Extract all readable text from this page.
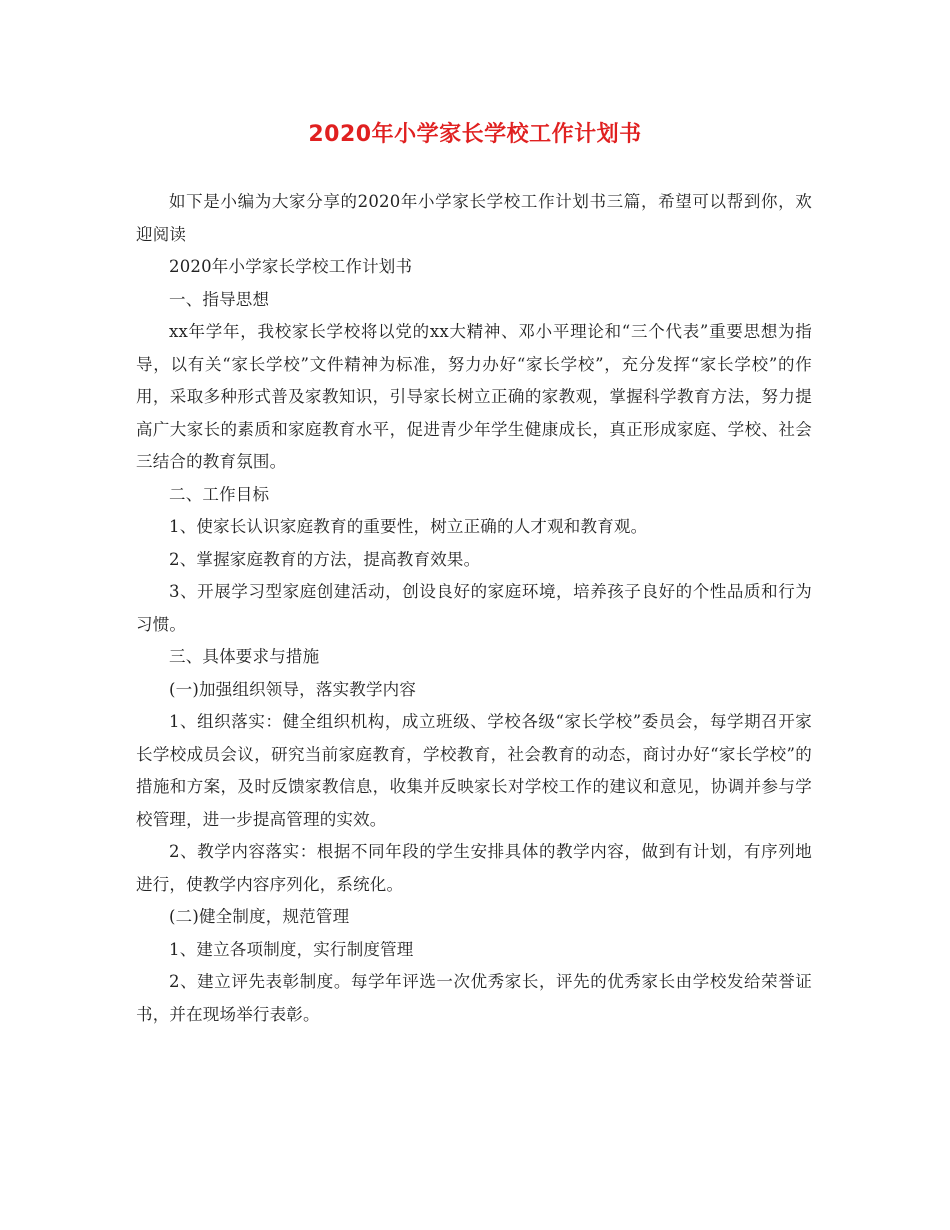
2020年小学家长学校工作计划书

如下是小编为大家分享的2020年小学家长学校工作计划书三篇，希望可以帮到你，欢迎阅读

2020年小学家长学校工作计划书

一、指导思想

xx年学年，我校家长学校将以党的xx大精神、邓小平理论和“三个代表”重要思想为指导，以有关“家长学校”文件精神为标准，努力办好“家长学校”，充分发挥“家长学校”的作用，采取多种形式普及家教知识，引导家长树立正确的家教观，掌握科学教育方法，努力提高广大家长的素质和家庭教育水平，促进青少年学生健康成长，真正形成家庭、学校、社会三结合的教育氛围。

二、工作目标

1、使家长认识家庭教育的重要性，树立正确的人才观和教育观。

2、掌握家庭教育的方法，提高教育效果。

3、开展学习型家庭创建活动，创设良好的家庭环境，培养孩子良好的个性品质和行为习惯。

三、具体要求与措施

(一)加强组织领导，落实教学内容

1、组织落实：健全组织机构，成立班级、学校各级“家长学校”委员会，每学期召开家长学校成员会议，研究当前家庭教育，学校教育，社会教育的动态，商讨办好“家长学校”的措施和方案，及时反馈家教信息，收集并反映家长对学校工作的建议和意见，协调并参与学校管理，进一步提高管理的实效。

2、教学内容落实：根据不同年段的学生安排具体的教学内容，做到有计划，有序列地进行，使教学内容序列化，系统化。

(二)健全制度，规范管理

1、建立各项制度，实行制度管理

2、建立评先表彰制度。每学年评选一次优秀家长，评先的优秀家长由学校发给荣誉证书，并在现场举行表彰。
